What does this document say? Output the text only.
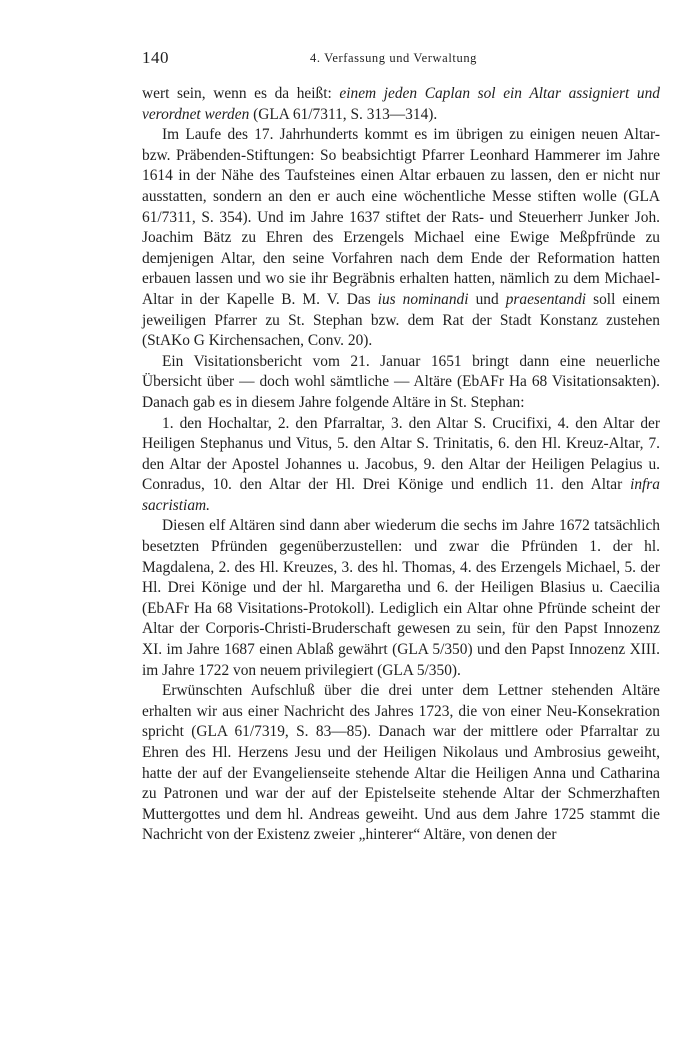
140	4. Verfassung und Verwaltung

wert sein, wenn es da heißt: einem jeden Caplan sol ein Altar assigniert und verordnet werden (GLA 61/7311, S. 313—314).

Im Laufe des 17. Jahrhunderts kommt es im übrigen zu einigen neuen Altar- bzw. Präbenden-Stiftungen: So beabsichtigt Pfarrer Leonhard Hammerer im Jahre 1614 in der Nähe des Taufsteines einen Altar erbauen zu lassen, den er nicht nur ausstatten, sondern an den er auch eine wöchentliche Messe stiften wolle (GLA 61/7311, S. 354). Und im Jahre 1637 stiftet der Rats- und Steuerherr Junker Joh. Joachim Bätz zu Ehren des Erzengels Michael eine Ewige Meßpfründe zu demjenigen Altar, den seine Vorfahren nach dem Ende der Reformation hatten erbauen lassen und wo sie ihr Begräbnis erhalten hatten, nämlich zu dem Michael-Altar in der Kapelle B. M. V. Das ius nominandi und praesentandi soll einem jeweiligen Pfarrer zu St. Stephan bzw. dem Rat der Stadt Konstanz zustehen (StAKo G Kirchensachen, Conv. 20).

Ein Visitationsbericht vom 21. Januar 1651 bringt dann eine neuerliche Übersicht über — doch wohl sämtliche — Altäre (EbAFr Ha 68 Visitationsakten). Danach gab es in diesem Jahre folgende Altäre in St. Stephan:

1. den Hochaltar, 2. den Pfarraltar, 3. den Altar S. Crucifixi, 4. den Altar der Heiligen Stephanus und Vitus, 5. den Altar S. Trinitatis, 6. den Hl. Kreuz-Altar, 7. den Altar der Apostel Johannes u. Jacobus, 9. den Altar der Heiligen Pelagius u. Conradus, 10. den Altar der Hl. Drei Könige und endlich 11. den Altar infra sacristiam.

Diesen elf Altären sind dann aber wiederum die sechs im Jahre 1672 tatsächlich besetzten Pfründen gegenüberzustellen: und zwar die Pfründen 1. der hl. Magdalena, 2. des Hl. Kreuzes, 3. des hl. Thomas, 4. des Erzengels Michael, 5. der Hl. Drei Könige und der hl. Margaretha und 6. der Heiligen Blasius u. Caecilia (EbAFr Ha 68 Visitations-Protokoll). Lediglich ein Altar ohne Pfründe scheint der Altar der Corporis-Christi-Bruderschaft gewesen zu sein, für den Papst Innozenz XI. im Jahre 1687 einen Ablaß gewährt (GLA 5/350) und den Papst Innozenz XIII. im Jahre 1722 von neuem privilegiert (GLA 5/350).

Erwünschten Aufschluß über die drei unter dem Lettner stehenden Altäre erhalten wir aus einer Nachricht des Jahres 1723, die von einer Neu-Konsekration spricht (GLA 61/7319, S. 83—85). Danach war der mittlere oder Pfarraltar zu Ehren des Hl. Herzens Jesu und der Heiligen Nikolaus und Ambrosius geweiht, hatte der auf der Evangelienseite stehende Altar die Heiligen Anna und Catharina zu Patronen und war der auf der Epistelseite stehende Altar der Schmerzhaften Muttergottes und dem hl. Andreas geweiht. Und aus dem Jahre 1725 stammt die Nachricht von der Existenz zweier „hinterer“ Altäre, von denen der
